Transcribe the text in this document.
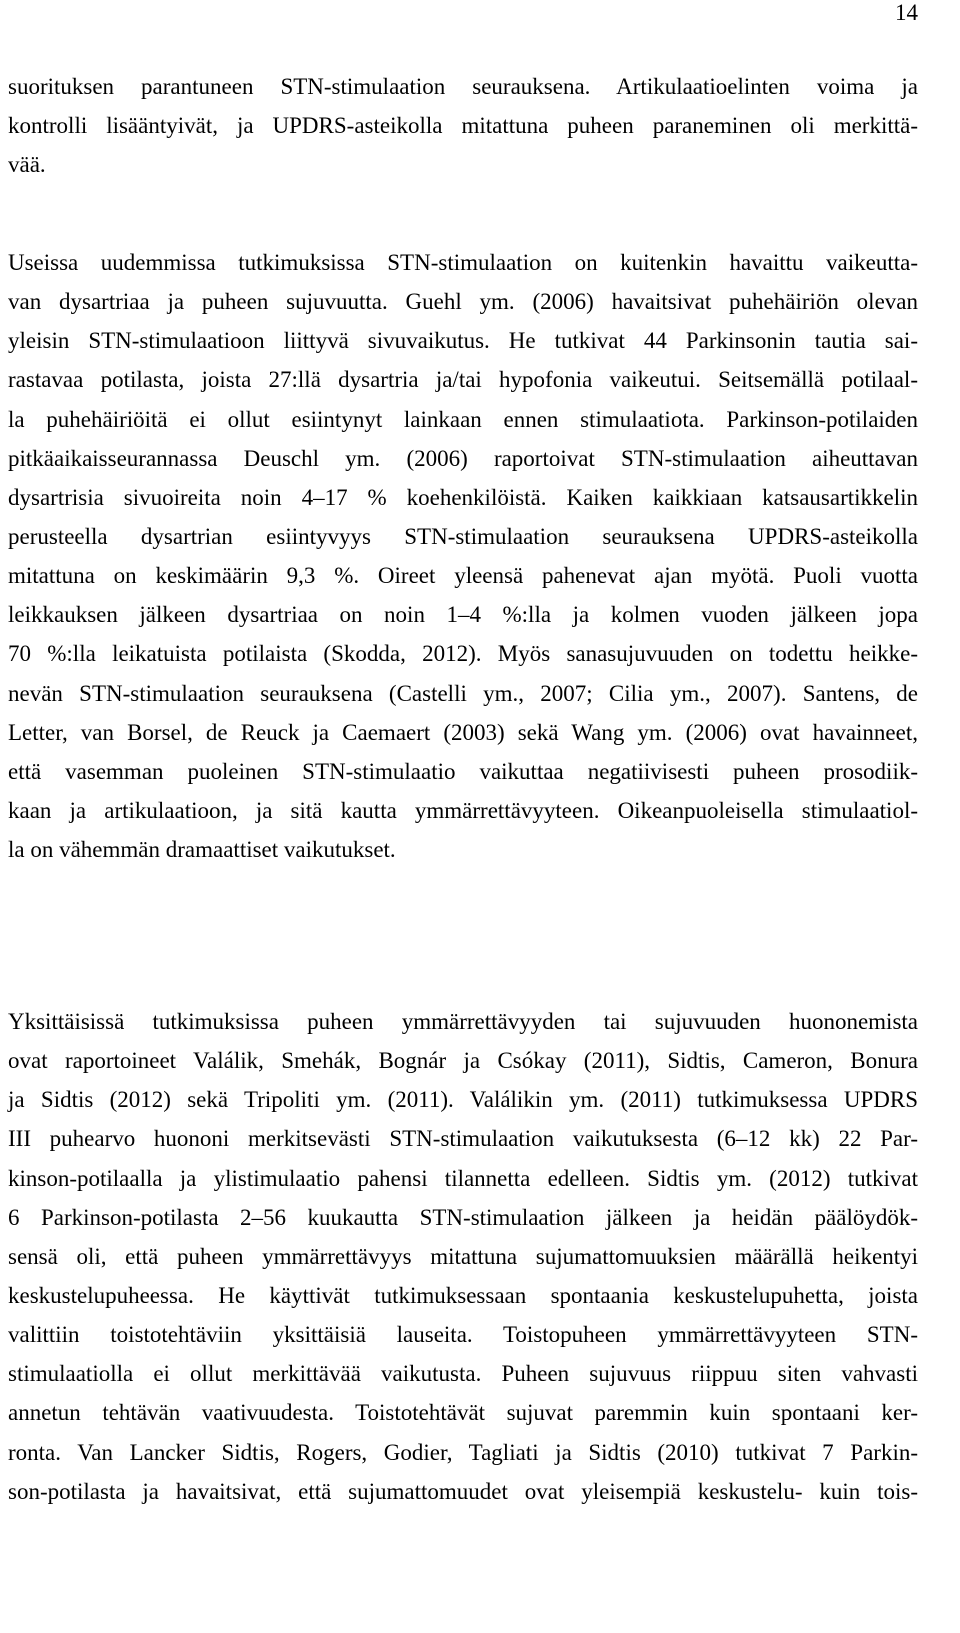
14
suorituksen parantuneen STN-stimulaation seurauksena. Artikulaatioelinten voima ja
kontrolli lisääntyivät, ja UPDRS-asteikolla mitattuna puheen paraneminen oli merkittä-
vää.
Useissa uudemmissa tutkimuksissa STN-stimulaation on kuitenkin havaittu vaikeutta-
van dysartriaa ja puheen sujuvuutta. Guehl ym. (2006) havaitsivat puhehäiriön olevan
yleisin STN-stimulaatioon liittyvä sivuvaikutus. He tutkivat 44 Parkinsonin tautia sai-
rastavaa potilasta, joista 27:llä dysartria ja/tai hypofonia vaikeutui. Seitsemällä potilaal-
la puhehäiriöitä ei ollut esiintynyt lainkaan ennen stimulaatiota. Parkinson-potilaiden
pitkäaikaisseurannassa Deuschl ym. (2006) raportoivat STN-stimulaation aiheuttavan
dysartrisia sivuoireita noin 4–17 % koehenkilöistä. Kaiken kaikkiaan katsausartikkelin
perusteella dysartrian esiintyvyys STN-stimulaation seurauksena UPDRS-asteikolla
mitattuna on keskimäärin 9,3 %. Oireet yleensä pahenevat ajan myötä. Puoli vuotta
leikkauksen jälkeen dysartriaa on noin 1–4 %:lla ja kolmen vuoden jälkeen jopa
70 %:lla leikatuista potilaista (Skodda, 2012). Myös sanasujuvuuden on todettu heikke-
nevän STN-stimulaation seurauksena (Castelli ym., 2007; Cilia ym., 2007). Santens, de
Letter, van Borsel, de Reuck ja Caemaert (2003) sekä Wang ym. (2006) ovat havainneet,
että vasemman puoleinen STN-stimulaatio vaikuttaa negatiivisesti puheen prosodiik-
kaan ja artikulaatioon, ja sitä kautta ymmärrettävyyteen. Oikeanpuoleisella stimulaatiol-
la on vähemmän dramaattiset vaikutukset.
Yksittäisissä tutkimuksissa puheen ymmärrettävyyden tai sujuvuuden huononemista
ovat raportoineet Valálik, Smehák, Bognár ja Csókay (2011), Sidtis, Cameron, Bonura
ja Sidtis (2012) sekä Tripoliti ym. (2011). Valálikin ym. (2011) tutkimuksessa UPDRS
III puhearvo huononi merkitsevästi STN-stimulaation vaikutuksesta (6–12 kk) 22 Par-
kinson-potilaalla ja ylistimulaatio pahensi tilannetta edelleen. Sidtis ym. (2012) tutkivat
6 Parkinson-potilasta 2–56 kuukautta STN-stimulaation jälkeen ja heidän päälöydök-
sensä oli, että puheen ymmärrettävyys mitattuna sujumattomuuksien määrällä heikentyi
keskustelupuheessa. He käyttivät tutkimuksessaan spontaania keskustelupuhetta, joista
valittiin toistotehtäviin yksittäisiä lauseita. Toistopuheen ymmärrettävyyteen STN-
stimulaatiolla ei ollut merkittävää vaikutusta. Puheen sujuvuus riippuu siten vahvasti
annetun tehtävän vaativuudesta. Toistotehtävät sujuvat paremmin kuin spontaani ker-
ronta. Van Lancker Sidtis, Rogers, Godier, Tagliati ja Sidtis (2010) tutkivat 7 Parkin-
son-potilasta ja havaitsivat, että sujumattomuudet ovat yleisempiä keskustelu- kuin tois-
